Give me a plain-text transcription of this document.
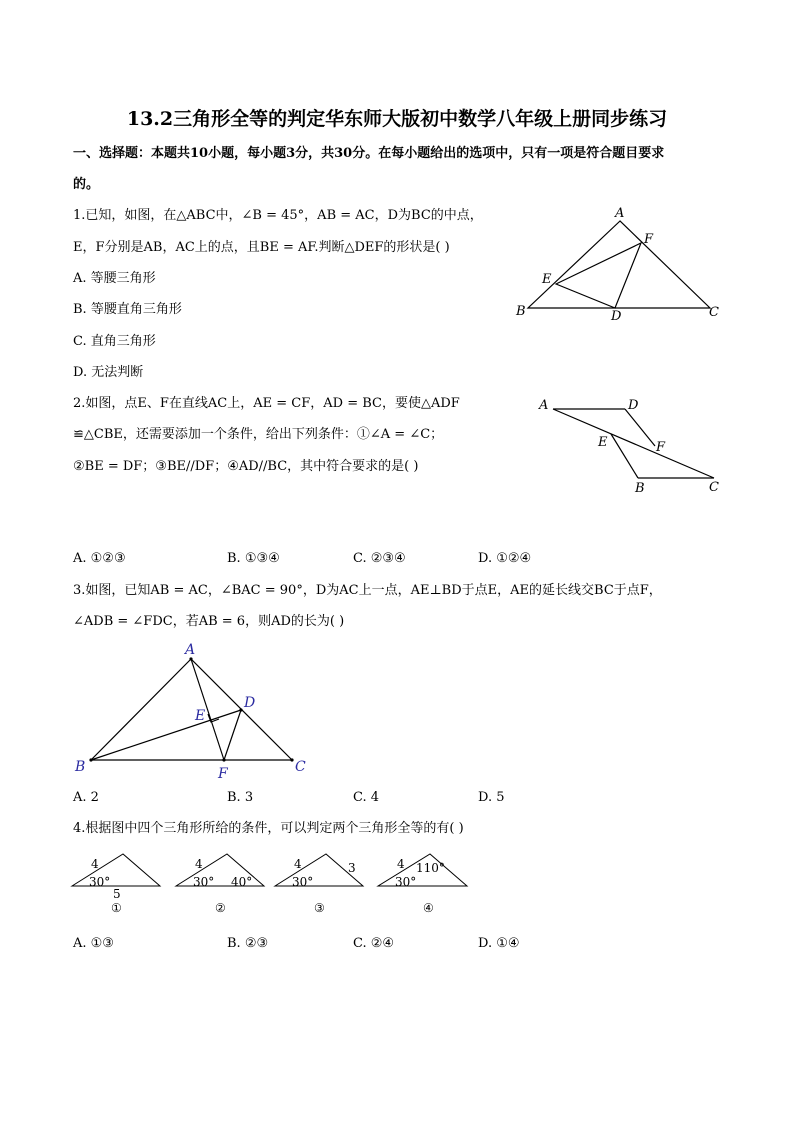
13.2三角形全等的判定华东师大版初中数学八年级上册同步练习
一、选择题：本题共10小题，每小题3分，共30分。在每小题给出的选项中，只有一项是符合题目要求
的。
1.已知，如图，在△ABC中，∠B = 45°，AB = AC，D为BC的中点，
E，F分别是AB，AC上的点，且BE = AF.判断△DEF的形状是( )
A. 等腰三角形
B. 等腰直角三角形
C. 直角三角形
D. 无法判断
A
B	C
D
E
F
2.如图，点E、F在直线AC上，AE = CF，AD = BC，要使△ADF
≌△CBE，还需要添加一个条件，给出下列条件：①∠A = ∠C；
②BE = DF；③BE//DF；④AD//BC，其中符合要求的是( )
A. ①②③	B. ①③④	C. ②③④	D. ①②④
A	D
E	F
B	C
3.如图，已知AB = AC，∠BAC = 90°，D为AC上一点，AE⊥BD于点E，AE的延长线交BC于点F，
∠ADB = ∠FDC，若AB = 6，则AD的长为( )
A
B	C
D
E
F
A. 2	B. 3	C. 4	D. 5
4.根据图中四个三角形所给的条件，可以判定两个三角形全等的有( )
4
30°
5
①
4
30° 40°
②
4
30°
3
③
4
30°
110°
④
A. ①③	B. ②③	C. ②④	D. ①④
